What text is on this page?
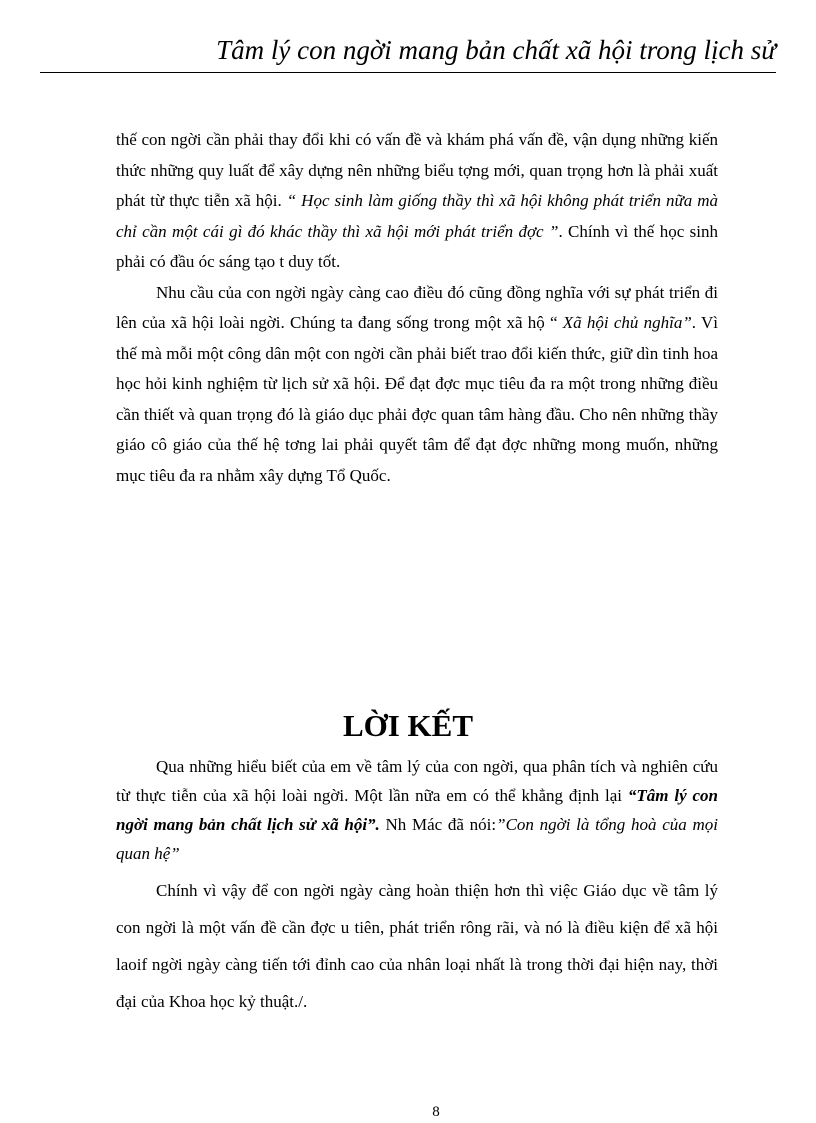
Tâm lý con ngời mang bản chất xã hội trong lịch sử

thế con ngời cần phải thay đổi khi có vấn đề và khám phá vấn đề, vận dụng những kiến thức những quy luất để xây dựng nên những biểu tợng mới, quan trọng hơn là phải xuất phát từ thực tiễn xã hội. “ Học sinh làm giống thầy thì xã hội không phát triển nữa mà chỉ cần một cái gì đó khác thầy thì xã hội mới phát triển đợc ”. Chính vì thế học sinh phải có đầu óc sáng tạo t duy tốt.

Nhu cầu của con ngời ngày càng cao điều đó cũng đồng nghĩa với sự phát triển đi lên của xã hội loài ngời. Chúng ta đang sống trong một xã hộ “ Xã hội chủ nghĩa”. Vì thế mà mỗi một công dân một con ngời cần phải biết trao đổi kiến thức, giữ dìn tinh hoa học hỏi kinh nghiệm từ lịch sử xã hội. Để đạt đợc mục tiêu đa ra một trong những điều cần thiết và quan trọng đó là giáo dục phải đợc quan tâm hàng đầu. Cho nên những thầy giáo cô giáo của thế hệ tơng lai phải quyết tâm để đạt đợc những mong muốn, những mục tiêu đa ra nhằm xây dựng Tổ Quốc.

LỜI KẾT

Qua những hiểu biết của em về tâm lý của con ngời, qua phân tích và nghiên cứu từ thực tiễn của xã hội loài ngời. Một lần nữa em có thể khẳng định lại “Tâm lý con ngời mang bản chất lịch sử xã hội”. Nh Mác đã nói:”Con ngời là tổng hoà của mọi quan hệ”

Chính vì vậy để con ngời ngày càng hoàn thiện hơn thì việc Giáo dục về tâm lý con ngời là một vấn đề cần đợc u tiên, phát triển rông rãi, và nó là điều kiện để xã hội laoif ngời ngày càng tiến tới đỉnh cao của nhân loại nhất là trong thời đại hiện nay, thời đại của Khoa học kỷ thuật./.

8
